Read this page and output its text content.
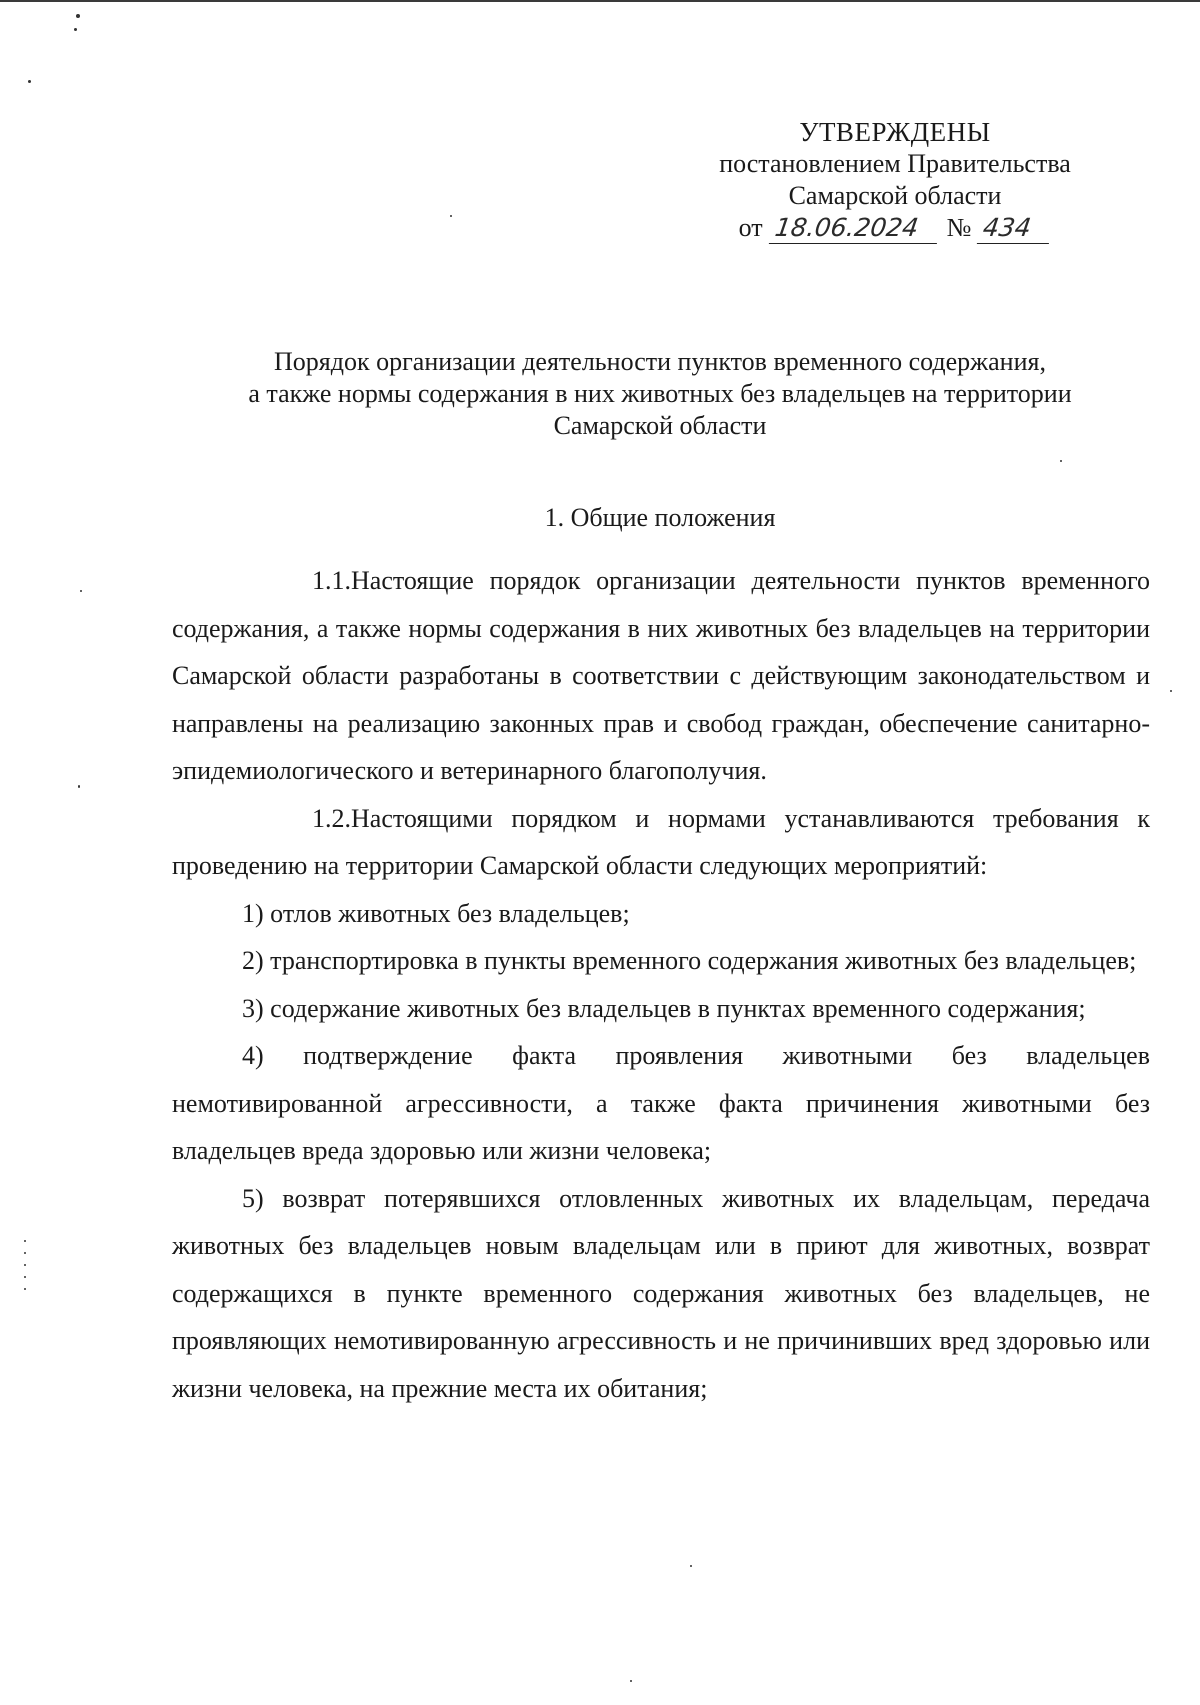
УТВЕРЖДЕНЫ
постановлением Правительства
Самарской области
от 18.06.2024	№ 434
Порядок организации деятельности пунктов временного содержания,
а также нормы содержания в них животных без владельцев на территории
Самарской области
1. Общие положения

1.1.Настоящие порядок организации деятельности пунктов временного содержания, а также нормы содержания в них животных без владельцев на территории Самарской области разработаны в соответствии с действующим законодательством и направлены на реализацию законных прав и свобод граждан, обеспечение санитарно-эпидемиологического и ветеринарного благополучия.

1.2.Настоящими порядком и нормами устанавливаются требования к проведению на территории Самарской области следующих мероприятий:

1) отлов животных без владельцев;

2) транспортировка в пункты временного содержания животных без владельцев;

3) содержание животных без владельцев в пунктах временного содержания;

4) подтверждение факта проявления животными без владельцев немотивированной агрессивности, а также факта причинения животными без владельцев вреда здоровью или жизни человека;

5) возврат потерявшихся отловленных животных их владельцам, передача животных без владельцев новым владельцам или в приют для животных, возврат содержащихся в пункте временного содержания животных без владельцев, не проявляющих немотивированную агрессивность и не причинивших вред здоровью или жизни человека, на прежние места их обитания;
